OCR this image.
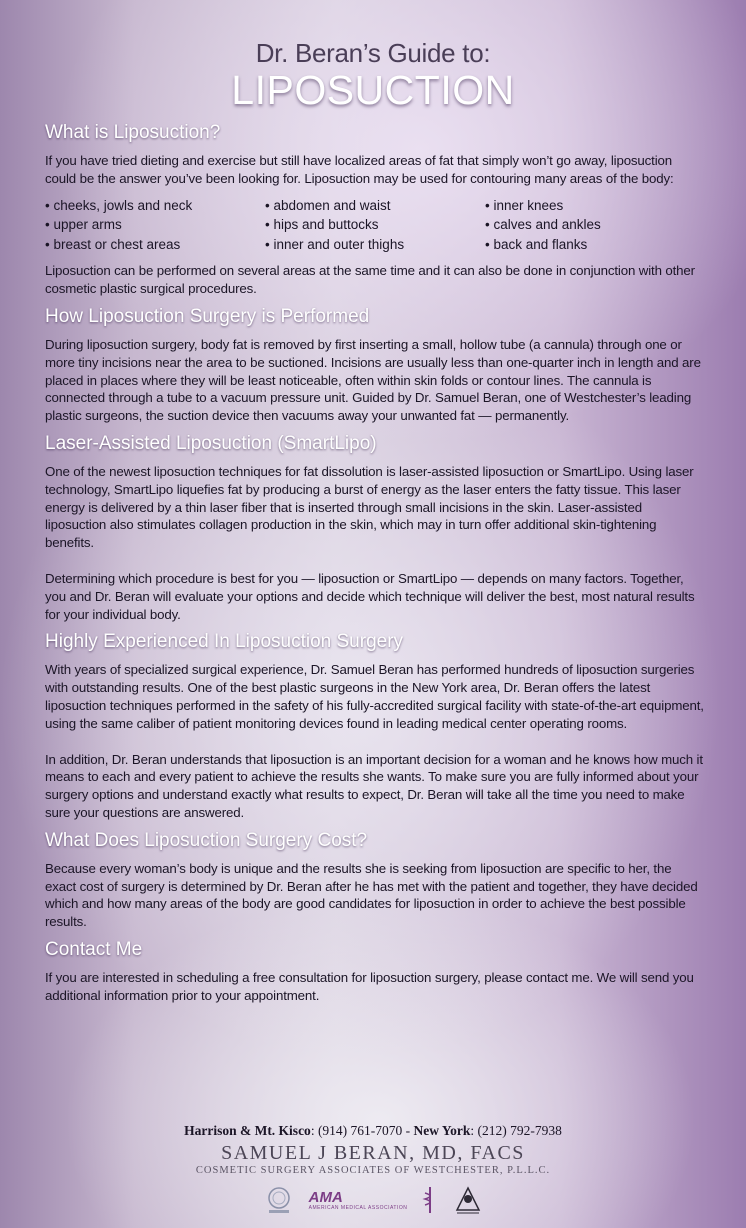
Dr. Beran’s Guide to:
LIPOSUCTION
What is Liposuction?

If you have tried dieting and exercise but still have localized areas of fat that simply won’t go away, liposuction could be the answer you’ve been looking for. Liposuction may be used for contouring many areas of the body:

• cheeks, jowls and neck
• upper arms
• breast or chest areas
• abdomen and waist
• hips and buttocks
• inner and outer thighs
• inner knees
• calves and ankles
• back and flanks

Liposuction can be performed on several areas at the same time and it can also be done in conjunction with other cosmetic plastic surgical procedures.

How Liposuction Surgery is Performed

During liposuction surgery, body fat is removed by first inserting a small, hollow tube (a cannula) through one or more tiny incisions near the area to be suctioned. Incisions are usually less than one-quarter inch in length and are placed in places where they will be least noticeable, often within skin folds or contour lines. The cannula is connected through a tube to a vacuum pressure unit. Guided by Dr. Samuel Beran, one of Westchester’s leading plastic surgeons, the suction device then vacuums away your unwanted fat — permanently.

Laser-Assisted Liposuction (SmartLipo)

One of the newest liposuction techniques for fat dissolution is laser-assisted liposuction or SmartLipo. Using laser technology, SmartLipo liquefies fat by producing a burst of energy as the laser enters the fatty tissue. This laser energy is delivered by a thin laser fiber that is inserted through small incisions in the skin. Laser-assisted liposuction also stimulates collagen production in the skin, which may in turn offer additional skin-tightening benefits.

Determining which procedure is best for you — liposuction or SmartLipo — depends on many factors. Together, you and Dr. Beran will evaluate your options and decide which technique will deliver the best, most natural results for your individual body.

Highly Experienced In Liposuction Surgery

With years of specialized surgical experience, Dr. Samuel Beran has performed hundreds of liposuction surgeries with outstanding results. One of the best plastic surgeons in the New York area, Dr. Beran offers the latest liposuction techniques performed in the safety of his fully-accredited surgical facility with state-of-the-art equipment, using the same caliber of patient monitoring devices found in leading medical center operating rooms.

In addition, Dr. Beran understands that liposuction is an important decision for a woman and he knows how much it means to each and every patient to achieve the results she wants. To make sure you are fully informed about your surgery options and understand exactly what results to expect, Dr. Beran will take all the time you need to make sure your questions are answered.

What Does Liposuction Surgery Cost?

Because every woman’s body is unique and the results she is seeking from liposuction are specific to her, the exact cost of surgery is determined by Dr. Beran after he has met with the patient and together, they have decided which and how many areas of the body are good candidates for liposuction in order to achieve the best possible results.

Contact Me

If you are interested in scheduling a free consultation for liposuction surgery, please contact me. We will send you additional information prior to your appointment.

Harrison & Mt. Kisco: (914) 761-7070 - New York: (212) 792-7938
SAMUEL J BERAN, MD, FACS
COSMETIC SURGERY ASSOCIATES OF WESTCHESTER, P.L.L.C.
AMA
AMERICAN MEDICAL ASSOCIATION
